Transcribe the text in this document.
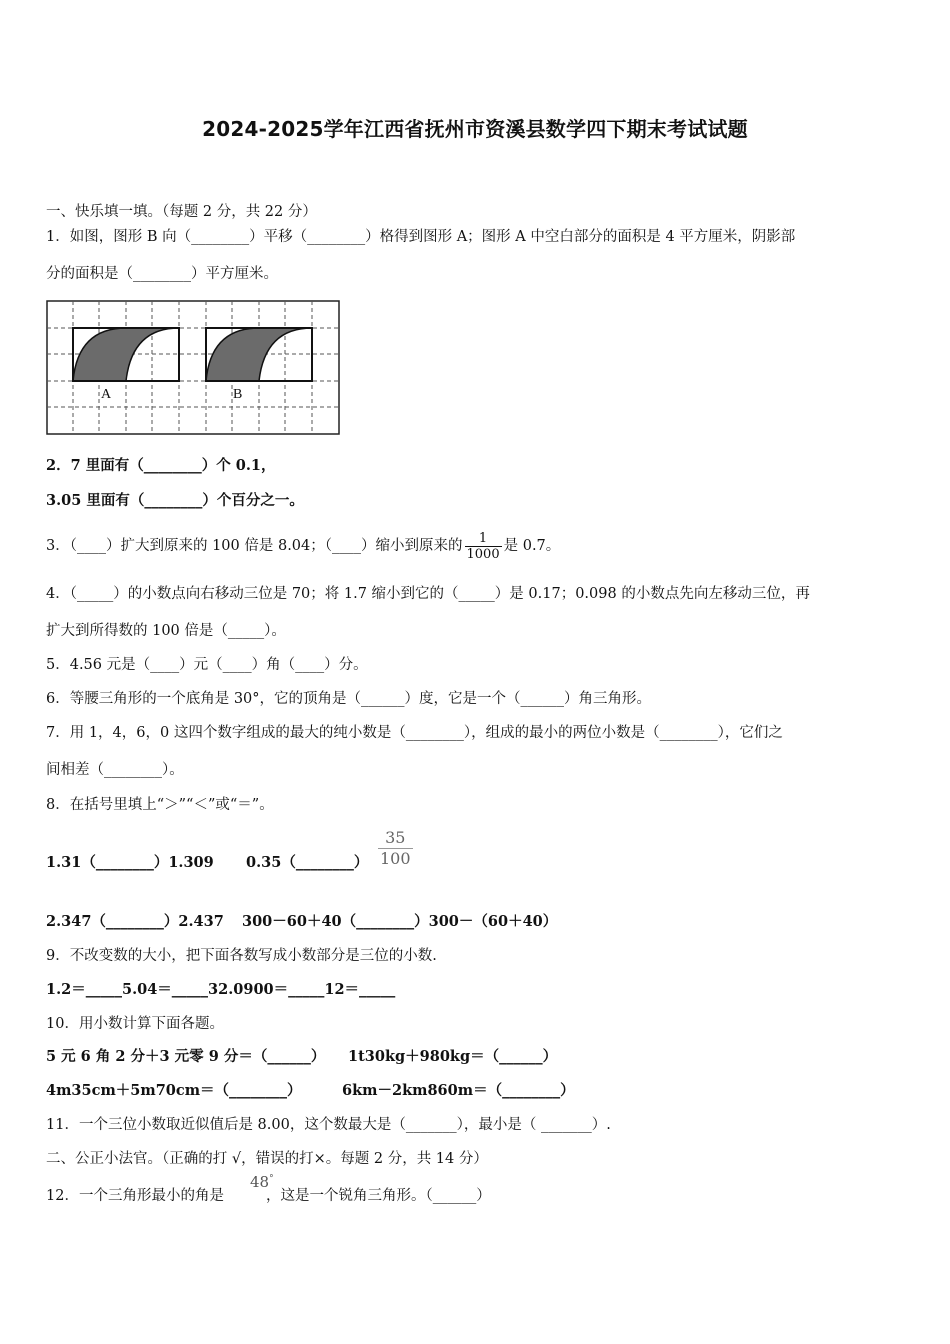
2024-2025学年江西省抚州市资溪县数学四下期末考试试题
一、快乐填一填。（每题 2 分，共 22 分）
1．如图，图形 B 向（________）平移（________）格得到图形 A；图形 A 中空白部分的面积是 4 平方厘米，阴影部
分的面积是（________）平方厘米。
A	B
2．7 里面有（________）个 0.1，
3.05 里面有（________）个百分之一。
3．（____）扩大到原来的 100 倍是 8.04；（____）缩小到原来的 $\frac{1}{1000}$ 是 0.7。
4．（_____）的小数点向右移动三位是 70；将 1.7 缩小到它的（_____）是 0.17；0.098 的小数点先向左移动三位，再
扩大到所得数的 100 倍是（_____）。
5．4.56 元是（____）元（____）角（____）分。
6．等腰三角形的一个底角是 30°，它的顶角是（______）度，它是一个（______）角三角形。
7．用 1，4，6，0 这四个数字组成的最大的纯小数是（________），组成的最小的两位小数是（________），它们之
间相差（________）。
8．在括号里填上“＞”“＜”或“＝”。
1.31（________）1.309 0.35（________） $\frac{35}{100}$
2.347（________）2.437 300－60＋40（________）300－（60＋40）
9．不改变数的大小，把下面各数写成小数部分是三位的小数.
1.2＝_____5.04＝_____32.0900＝_____12＝_____
10．用小数计算下面各题。
5 元 6 角 2 分＋3 元零 9 分＝（______） 1t30kg＋980kg＝（______）
4m35cm＋5m70cm＝（________）	6km－2km860m＝（________）
11．一个三位小数取近似值后是 8.00，这个数最大是（_______），最小是（ _______）.
二、公正小法官。（正确的打 √，错误的打×。每题 2 分，共 14 分）
12．一个三角形最小的角是	，这是一个锐角三角形。（______）
48°
